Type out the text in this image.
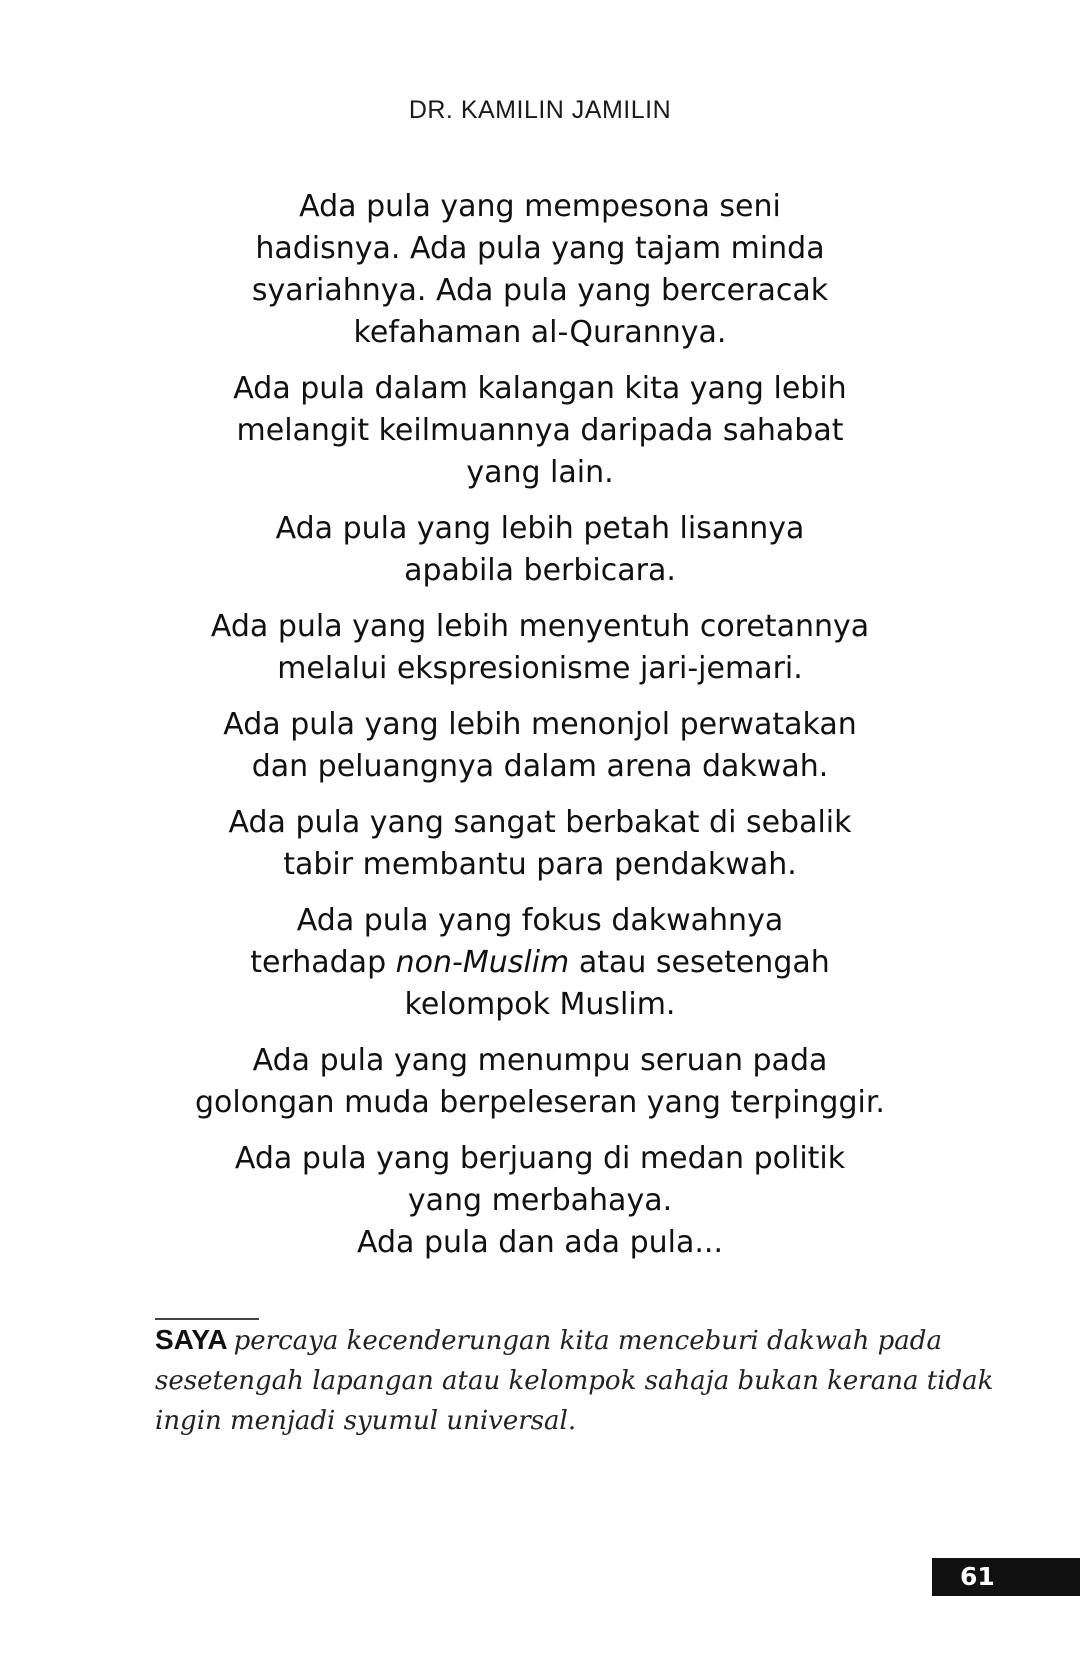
DR. KAMILIN JAMILIN

Ada pula yang mempesona seni
hadisnya. Ada pula yang tajam minda
syariahnya. Ada pula yang berceracak
kefahaman al-Qurannya.

Ada pula dalam kalangan kita yang lebih
melangit keilmuannya daripada sahabat
yang lain.

Ada pula yang lebih petah lisannya
apabila berbicara.

Ada pula yang lebih menyentuh coretannya
melalui ekspresionisme jari-jemari.

Ada pula yang lebih menonjol perwatakan
dan peluangnya dalam arena dakwah.

Ada pula yang sangat berbakat di sebalik
tabir membantu para pendakwah.

Ada pula yang fokus dakwahnya
terhadap non-Muslim atau sesetengah
kelompok Muslim.

Ada pula yang menumpu seruan pada
golongan muda berpeleseran yang terpinggir.

Ada pula yang berjuang di medan politik
yang merbahaya.
Ada pula dan ada pula...

SAYA percaya kecenderungan kita menceburi dakwah pada
sesetengah lapangan atau kelompok sahaja bukan kerana tidak
ingin menjadi syumul universal.
61
